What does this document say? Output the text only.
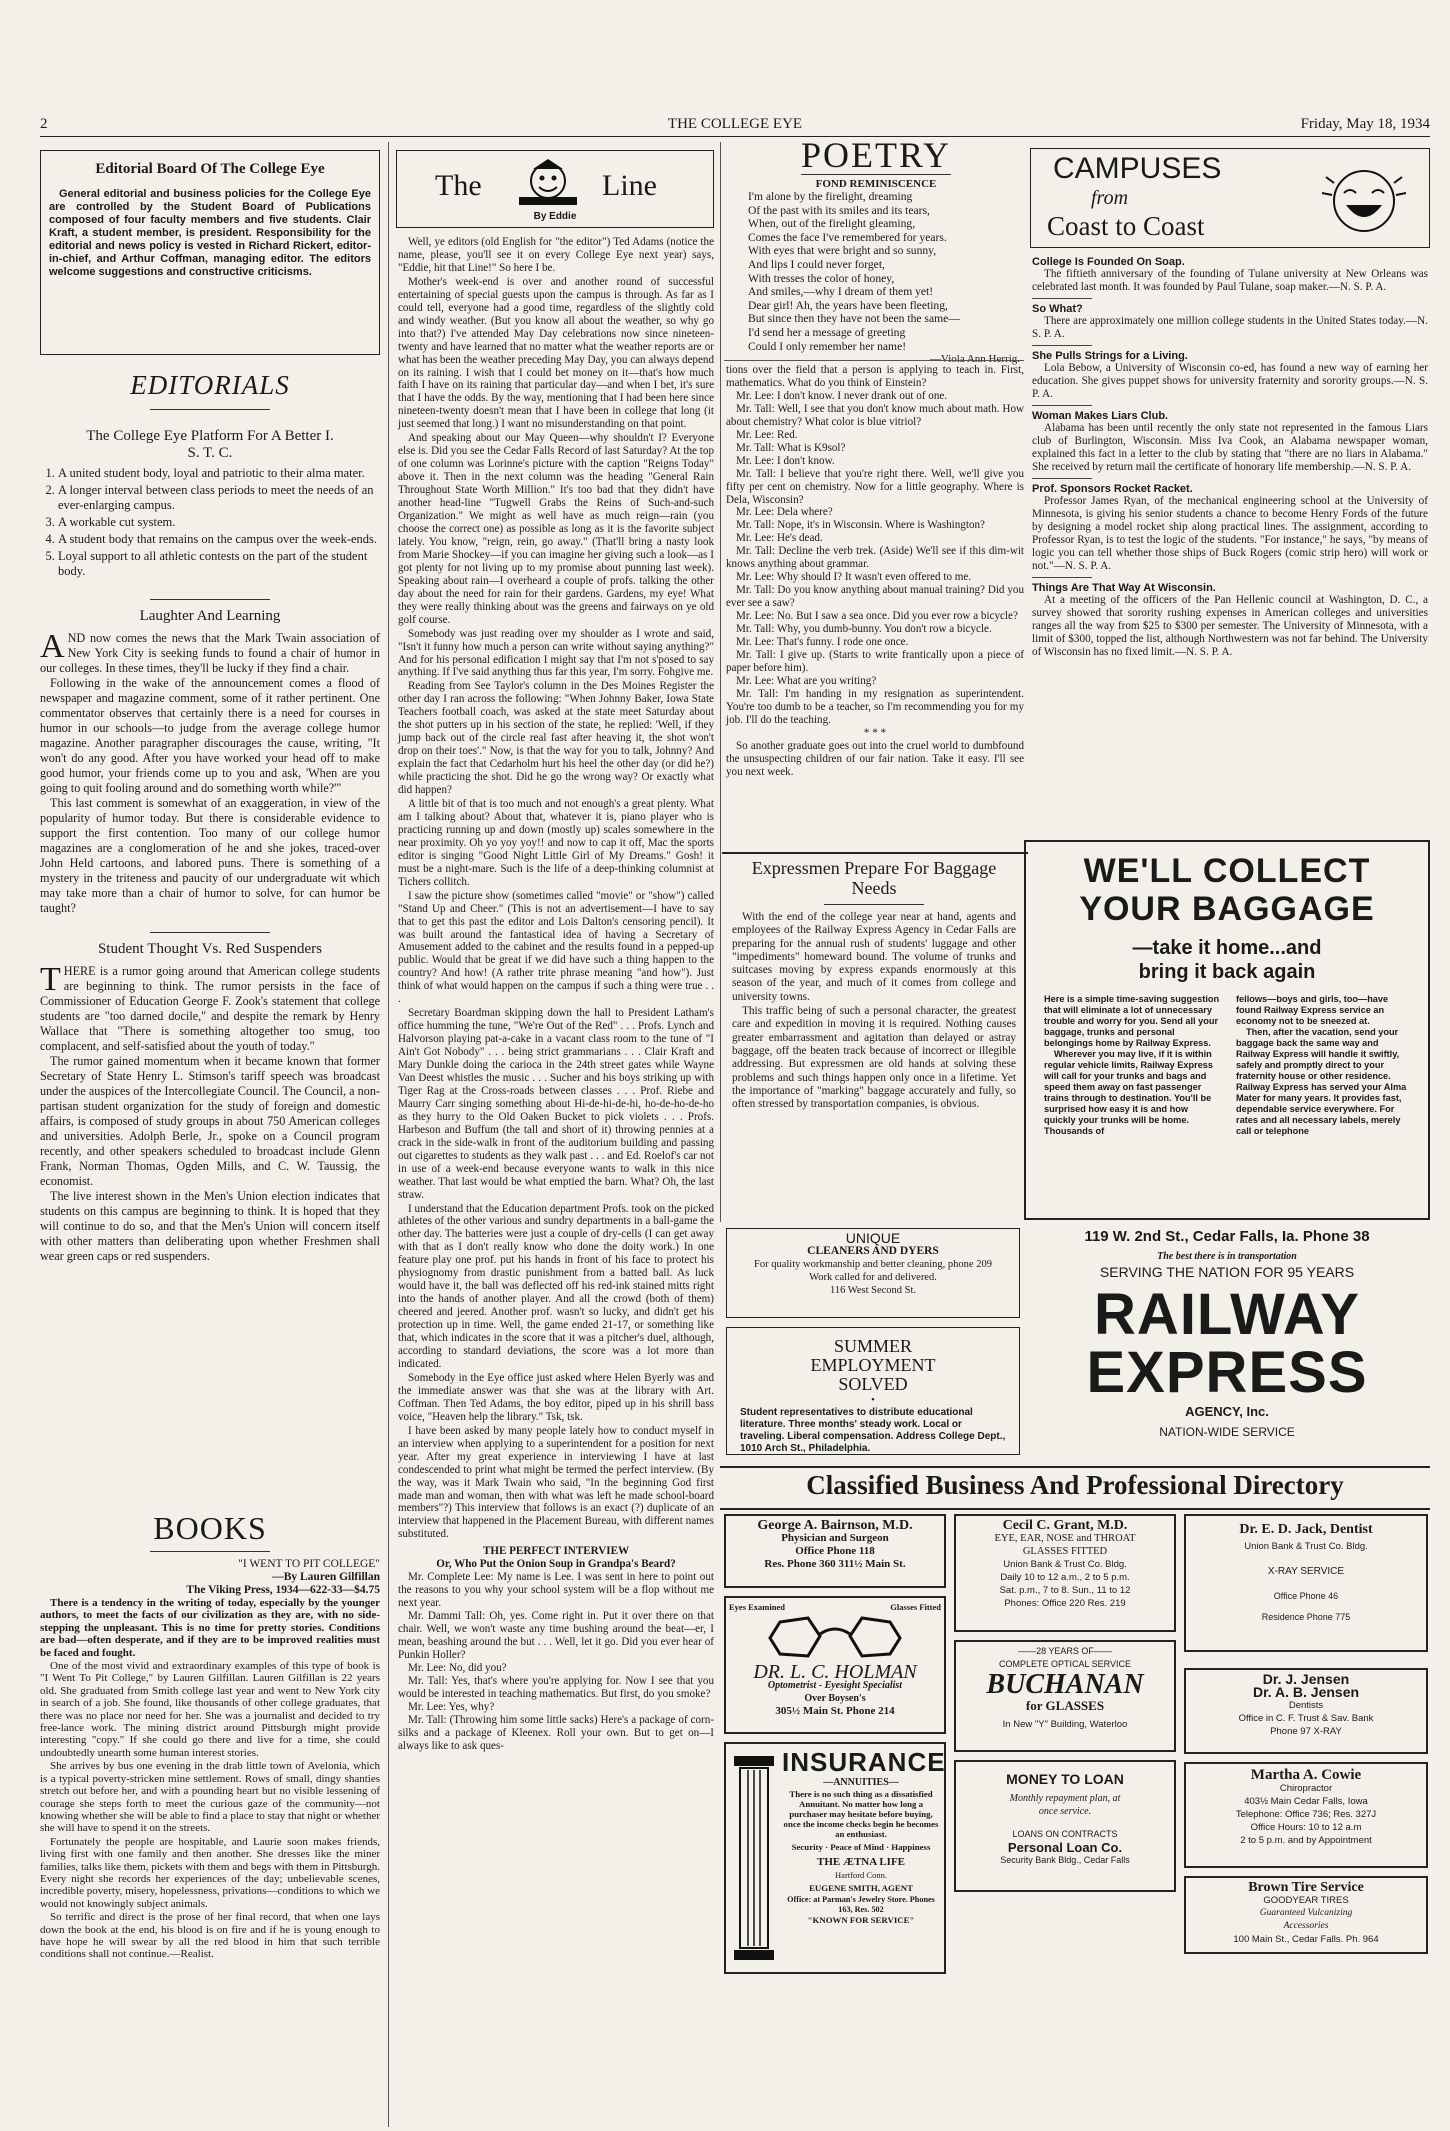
2	THE COLLEGE EYE	Friday, May 18, 1934
Editorial Board Of The College Eye
General editorial and business policies for the College Eye are controlled by the Student Board of Publications composed of four faculty members and five students. Clair Kraft, a student member, is president. Responsibility for the editorial and news policy is vested in Richard Rickert, editor-in-chief, and Arthur Coffman, managing editor. The editors welcome suggestions and constructive criticisms.
EDITORIALS
The College Eye Platform For A Better I. S. T. C.
1. A united student body, loyal and patriotic to their alma mater.
2. A longer interval between class periods to meet the needs of an ever-enlarging campus.
3. A workable cut system.
4. A student body that remains on the campus over the week-ends.
5. Loyal support to all athletic contests on the part of the student body.
Laughter And Learning

AND now comes the news that the Mark Twain association of New York City is seeking funds to found a chair of humor in our colleges. In these times, they'll be lucky if they find a chair.

Following in the wake of the announcement comes a flood of newspaper and magazine comment, some of it rather pertinent. One commentator observes that certainly there is a need for courses in humor in our schools—to judge from the average college humor magazine. Another paragrapher discourages the cause, writing, "It won't do any good. After you have worked your head off to make good humor, your friends come up to you and ask, 'When are you going to quit fooling around and do something worth while?'"

This last comment is somewhat of an exaggeration, in view of the popularity of humor today. But there is considerable evidence to support the first contention. Too many of our college humor magazines are a conglomeration of he and she jokes, traced-over John Held cartoons, and labored puns. There is something of a mystery in the triteness and paucity of our undergraduate wit which may take more than a chair of humor to solve, for can humor be taught?

Student Thought Vs. Red Suspenders

THERE is a rumor going around that American college students are beginning to think. The rumor persists in the face of Commissioner of Education George F. Zook's statement that college students are "too darned docile," and despite the remark by Henry Wallace that "There is something altogether too smug, too complacent, and self-satisfied about the youth of today."

The rumor gained momentum when it became known that former Secretary of State Henry L. Stimson's tariff speech was broadcast under the auspices of the Intercollegiate Council. The Council, a non-partisan student organization for the study of foreign and domestic affairs, is composed of study groups in about 750 American colleges and universities. Adolph Berle, Jr., spoke on a Council program recently, and other speakers scheduled to broadcast include Glenn Frank, Norman Thomas, Ogden Mills, and C. W. Taussig, the economist.

The live interest shown in the Men's Union election indicates that students on this campus are beginning to think. It is hoped that they will continue to do so, and that the Men's Union will concern itself with other matters than deliberating upon whether Freshmen shall wear green caps or red suspenders.

BOOKS
"I WENT TO PIT COLLEGE"
—By Lauren Gilfillan
The Viking Press, 1934—622-33—$4.75

There is a tendency in the writing of today, especially by the younger authors, to meet the facts of our civilization as they are, with no side-stepping the unpleasant. This is no time for pretty stories. Conditions are bad—often desperate, and if they are to be improved realities must be faced and fought.

One of the most vivid and extraordinary examples of this type of book is "I Went To Pit College," by Lauren Gilfillan. Lauren Gilfillan is 22 years old. She graduated from Smith college last year and went to New York city in search of a job. She found, like thousands of other college graduates, that there was no place nor need for her. She was a journalist and decided to try free-lance work. The mining district around Pittsburgh might provide interesting "copy." If she could go there and live for a time, she could undoubtedly unearth some human interest stories.

She arrives by bus one evening in the drab little town of Avelonia, which is a typical poverty-stricken mine settlement. Rows of small, dingy shanties stretch out before her, and with a pounding heart but no visible lessening of courage she steps forth to meet the curious gaze of the community—not knowing whether she will be able to find a place to stay that night or whether she will have to spend it on the streets.

Fortunately the people are hospitable, and Laurie soon makes friends, living first with one family and then another. She dresses like the miner families, talks like them, pickets with them and begs with them in Pittsburgh. Every night she records her experiences of the day; unbelievable scenes, incredible poverty, misery, hopelessness, privations—conditions to which we would not knowingly subject animals.

So terrific and direct is the prose of her final record, that when one lays down the book at the end, his blood is on fire and if he is young enough to have hope he will swear by all the red blood in him that such terrible conditions shall not continue.—Realist.

The	Line
By Eddie

Well, ye editors (old English for "the editor") Ted Adams (notice the name, please, you'll see it on every College Eye next year) says, "Eddie, hit that Line!" So here I be.

Mother's week-end is over and another round of successful entertaining of special guests upon the campus is through. As far as I could tell, everyone had a good time, regardless of the slightly cold and windy weather. (But you know all about the weather, so why go into that?) I've attended May Day celebrations now since nineteen-twenty and have learned that no matter what the weather reports are or what has been the weather preceding May Day, you can always depend on its raining. I wish that I could bet money on it—that's how much faith I have on its raining that particular day—and when I bet, it's sure that I have the odds. By the way, mentioning that I had been here since nineteen-twenty doesn't mean that I have been in college that long (it just seemed that long.) I want no misunderstanding on that point.

And speaking about our May Queen—why shouldn't I? Everyone else is. Did you see the Cedar Falls Record of last Saturday? At the top of one column was Lorinne's picture with the caption "Reigns Today" above it. Then in the next column was the heading "General Rain Throughout State Worth Million." It's too bad that they didn't have another head-line "Tugwell Grabs the Reins of Such-and-such Organization." We might as well have as much reign—rain (you choose the correct one) as possible as long as it is the favorite subject lately. You know, "reign, rein, go away." (That'll bring a nasty look from Marie Shockey—if you can imagine her giving such a look—as I got plenty for not living up to my promise about punning last week). Speaking about rain—I overheard a couple of profs. talking the other day about the need for rain for their gardens. Gardens, my eye! What they were really thinking about was the greens and fairways on ye old golf course.

Somebody was just reading over my shoulder as I wrote and said, "Isn't it funny how much a person can write without saying anything?" And for his personal edification I might say that I'm not s'posed to say anything. If I've said anything thus far this year, I'm sorry. Fohgive me.

Reading from See Taylor's column in the Des Moines Register the other day I ran across the following: "When Johnny Baker, Iowa State Teachers football coach, was asked at the state meet Saturday about the shot putters up in his section of the state, he replied: 'Well, if they jump back out of the circle real fast after heaving it, the shot won't drop on their toes'." Now, is that the way for you to talk, Johnny? And explain the fact that Cedarholm hurt his heel the other day (or did he?) while practicing the shot. Did he go the wrong way? Or exactly what did happen?

A little bit of that is too much and not enough's a great plenty. What am I talking about? About that, whatever it is, piano player who is practicing running up and down (mostly up) scales somewhere in the near proximity. Oh yo yoy yoy!! and now to cap it off, Mac the sports editor is singing "Good Night Little Girl of My Dreams." Gosh! it must be a night-mare. Such is the life of a deep-thinking columnist at Tichers collitch.

I saw the picture show (sometimes called "movie" or "show") called "Stand Up and Cheer." (This is not an advertisement—I have to say that to get this past the editor and Lois Dalton's censoring pencil). It was built around the fantastical idea of having a Secretary of Amusement added to the cabinet and the results found in a pepped-up public. Would that be great if we did have such a thing happen to the country? And how! (A rather trite phrase meaning "and how"). Just think of what would happen on the campus if such a thing were true . . .

Secretary Boardman skipping down the hall to President Latham's office humming the tune, "We're Out of the Red" . . . Profs. Lynch and Halvorson playing pat-a-cake in a vacant class room to the tune of "I Ain't Got Nobody" . . . being strict grammarians . . . Clair Kraft and Mary Dunkle doing the carioca in the 24th street gates while Wayne Van Deest whistles the music . . . Sucher and his boys striking up with Tiger Rag at the Cross-roads between classes . . . Prof. Riebe and Maurry Carr singing something about Hi-de-hi-de-hi, ho-de-ho-de-ho as they hurry to the Old Oaken Bucket to pick violets . . . Profs. Harbeson and Buffum (the tall and short of it) throwing pennies at a crack in the side-walk in front of the auditorium building and passing out cigarettes to students as they walk past . . . and Ed. Roelof's car not in use of a week-end because everyone wants to walk in this nice weather. That last would be what emptied the barn. What? Oh, the last straw.

I understand that the Education department Profs. took on the picked athletes of the other various and sundry departments in a ball-game the other day. The batteries were just a couple of dry-cells (I can get away with that as I don't really know who done the doity work.) In one feature play one prof. put his hands in front of his face to protect his physiognomy from drastic punishment from a batted ball. As luck would have it, the ball was deflected off his red-ink stained mitts right into the hands of another player. And all the crowd (both of them) cheered and jeered. Another prof. wasn't so lucky, and didn't get his protection up in time. Well, the game ended 21-17, or something like that, which indicates in the score that it was a pitcher's duel, although, according to standard deviations, the score was a lot more than indicated.

Somebody in the Eye office just asked where Helen Byerly was and the immediate answer was that she was at the library with Art. Coffman. Then Ted Adams, the boy editor, piped up in his shrill bass voice, "Heaven help the library." Tsk, tsk.

I have been asked by many people lately how to conduct myself in an interview when applying to a superintendent for a position for next year. After my great experience in interviewing I have at last condescended to print what might be termed the perfect interview. (By the way, was it Mark Twain who said, "In the beginning God first made man and woman, then with what was left he made school-board members"?) This interview that follows is an exact (?) duplicate of an interview that happened in the Placement Bureau, with different names substituted.

THE PERFECT INTERVIEW
Or, Who Put the Onion Soup in Grandpa's Beard?

Mr. Complete Lee: My name is Lee. I was sent in here to point out the reasons to you why your school system will be a flop without me next year.

Mr. Dammi Tall: Oh, yes. Come right in. Put it over there on that chair. Well, we won't waste any time bushing around the beat—er, I mean, beashing around the but . . . Well, let it go. Did you ever hear of Punkin Holler?

Mr. Lee: No, did you?

Mr. Tall: Yes, that's where you're applying for. Now I see that you would be interested in teaching mathematics. But first, do you smoke?

Mr. Lee: Yes, why?

Mr. Tall: (Throwing him some little sacks) Here's a package of corn-silks and a package of Kleenex. Roll your own. But to get on—I always like to ask ques-

POETRY
FOND REMINISCENCE
I'm alone by the firelight, dreaming
Of the past with its smiles and its tears,
When, out of the firelight gleaming,
Comes the face I've remembered for years.
With eyes that were bright and so sunny,
And lips I could never forget,
With tresses the color of honey,
And smiles,—why I dream of them yet!
Dear girl! Ah, the years have been fleeting,
But since then they have not been the same—
I'd send her a message of greeting
Could I only remember her name!

tions over the field that a person is applying to teach in. First, mathematics. What do you think of Einstein?

Mr. Lee: I don't know. I never drank out of one.

Mr. Tall: Well, I see that you don't know much about math. How about chemistry? What color is blue vitriol?

Mr. Lee: Red.

Mr. Tall: What is K9sol?

Mr. Lee: I don't know.

Mr. Tall: I believe that you're right there. Well, we'll give you fifty per cent on chemistry. Now for a little geography. Where is Dela, Wisconsin?

Mr. Lee: Dela where?

Mr. Tall: Nope, it's in Wisconsin. Where is Washington?

Mr. Lee: He's dead.

Mr. Tall: Decline the verb trek. (Aside) We'll see if this dim-wit knows anything about grammar.

Mr. Lee: Why should I? It wasn't even offered to me.

Mr. Tall: Do you know anything about manual training? Did you ever see a saw?

Mr. Lee: No. But I saw a sea once. Did you ever row a bicycle?

Mr. Tall: Why, you dumb-bunny. You don't row a bicycle.

Mr. Lee: That's funny. I rode one once.

Mr. Tall: I give up. (Starts to write frantically upon a piece of paper before him).

Mr. Lee: What are you writing?

Mr. Tall: I'm handing in my resignation as superintendent. You're too dumb to be a teacher, so I'm recommending you for my job. I'll do the teaching.

* * *

So another graduate goes out into the cruel world to dumbfound the unsuspecting children of our fair nation. Take it easy. I'll see you next week.

Expressmen Prepare For Baggage Needs

With the end of the college year near at hand, agents and employees of the Railway Express Agency in Cedar Falls are preparing for the annual rush of students' luggage and other "impediments" homeward bound. The volume of trunks and suitcases moving by express expands enormously at this season of the year, and much of it comes from college and university towns.

This traffic being of such a personal character, the greatest care and expedition in moving it is required. Nothing causes greater embarrassment and agitation than delayed or astray baggage, off the beaten track because of incorrect or illegible addressing. But expressmen are old hands at solving these problems and such things happen only once in a lifetime. Yet the importance of "marking" baggage accurately and fully, so often stressed by transportation companies, is obvious.

UNIQUE
CLEANERS AND DYERS
For quality workmanship and better cleaning, phone 209
Work called for and delivered.
116 West Second St.
SUMMER
EMPLOYMENT
SOLVED
•
Student representatives to distribute educational literature. Three months' steady work. Local or traveling. Liberal compensation. Address College Dept., 1010 Arch St., Philadelphia.
CAMPUSES
from
Coast to Coast
College Is Founded On Soap.

The fiftieth anniversary of the founding of Tulane university at New Orleans was celebrated last month. It was founded by Paul Tulane, soap maker.—N. S. P. A.

So What?

There are approximately one million college students in the United States today.—N. S. P. A.

She Pulls Strings for a Living.

Lola Bebow, a University of Wisconsin co-ed, has found a new way of earning her education. She gives puppet shows for university fraternity and sorority groups.—N. S. P. A.

Woman Makes Liars Club.

Alabama has been until recently the only state not represented in the famous Liars club of Burlington, Wisconsin. Miss Iva Cook, an Alabama newspaper woman, explained this fact in a letter to the club by stating that "there are no liars in Alabama." She received by return mail the certificate of honorary life membership.—N. S. P. A.

Prof. Sponsors Rocket Racket.

Professor James Ryan, of the mechanical engineering school at the University of Minnesota, is giving his senior students a chance to become Henry Fords of the future by designing a model rocket ship along practical lines. The assignment, according to Professor Ryan, is to test the logic of the students. "For instance," he says, "by means of logic you can tell whether those ships of Buck Rogers (comic strip hero) will work or not."—N. S. P. A.

Things Are That Way At Wisconsin.

At a meeting of the officers of the Pan Hellenic council at Washington, D. C., a survey showed that sorority rushing expenses in American colleges and universities ranges all the way from $25 to $300 per semester. The University of Minnesota, with a limit of $300, topped the list, although Northwestern was not far behind. The University of Wisconsin has no fixed limit.—N. S. P. A.

WE'LL COLLECT
YOUR BAGGAGE
—take it home...and
bring it back again
Here is a simple time-saving suggestion that will eliminate a lot of unnecessary trouble and worry for you. Send all your baggage, trunks and personal belongings home by Railway Express.
Wherever you may live, if it is within regular vehicle limits, Railway Express will call for your trunks and bags and speed them away on fast passenger trains through to destination. You'll be surprised how easy it is and how quickly your trunks will be home. Thousands of
fellows—boys and girls, too—have found Railway Express service an economy not to be sneezed at.
Then, after the vacation, send your baggage back the same way and Railway Express will handle it swiftly, safely and promptly direct to your fraternity house or other residence. Railway Express has served your Alma Mater for many years. It provides fast, dependable service everywhere. For rates and all necessary labels, merely call or telephone
119 W. 2nd St., Cedar Falls, Ia. Phone 38
The best there is in transportation
SERVING THE NATION FOR 95 YEARS
RAILWAY
EXPRESS
AGENCY, Inc.
NATION-WIDE SERVICE
Classified Business And Professional Directory
George A. Bairnson, M.D.
Physician and Surgeon
Office Phone 118
Res. Phone 360 311½ Main St.
Eyes Examined	Glasses Fitted
DR. L. C. HOLMAN
Optometrist - Eyesight Specialist
Over Boysen's
305½ Main St. Phone 214
INSURANCE
—ANNUITIES—
There is no such thing as a dissatisfied Annuitant. No matter how long a purchaser may hesitate before buying, once the income checks begin he becomes an enthusiast.
Security · Peace of Mind · Happiness
THE ÆTNA LIFE
Hartford Conn.
EUGENE SMITH, AGENT
Office: at Parman's Jewelry Store. Phones 163, Res. 502
"KNOWN FOR SERVICE"
Cecil C. Grant, M.D.
EYE, EAR, NOSE and THROAT
GLASSES FITTED
Union Bank & Trust Co. Bldg.
Daily 10 to 12 a.m., 2 to 5 p.m.
Sat. p.m., 7 to 8. Sun., 11 to 12
Phones: Office 220 Res. 219
——28 YEARS OF——
COMPLETE OPTICAL SERVICE
BUCHANAN
for GLASSES
In New "Y" Building, Waterloo
MONEY TO LOAN
Monthly repayment plan, at
once service.
LOANS ON CONTRACTS
Personal Loan Co.
Security Bank Bldg., Cedar Falls
Dr. E. D. Jack, Dentist
Union Bank & Trust Co. Bldg.
X-RAY SERVICE
Office Phone 46
Residence Phone 775
Dr. J. Jensen
Dr. A. B. Jensen
Dentists
Office in C. F. Trust & Sav. Bank
Phone 97 X-RAY
Martha A. Cowie
Chiropractor
403½ Main Cedar Falls, Iowa
Telephone: Office 736; Res. 327J
Office Hours: 10 to 12 a.m
2 to 5 p.m. and by Appointment
Brown Tire Service
GOODYEAR TIRES
Guaranteed Vulcanizing
Accessories
100 Main St., Cedar Falls. Ph. 964
